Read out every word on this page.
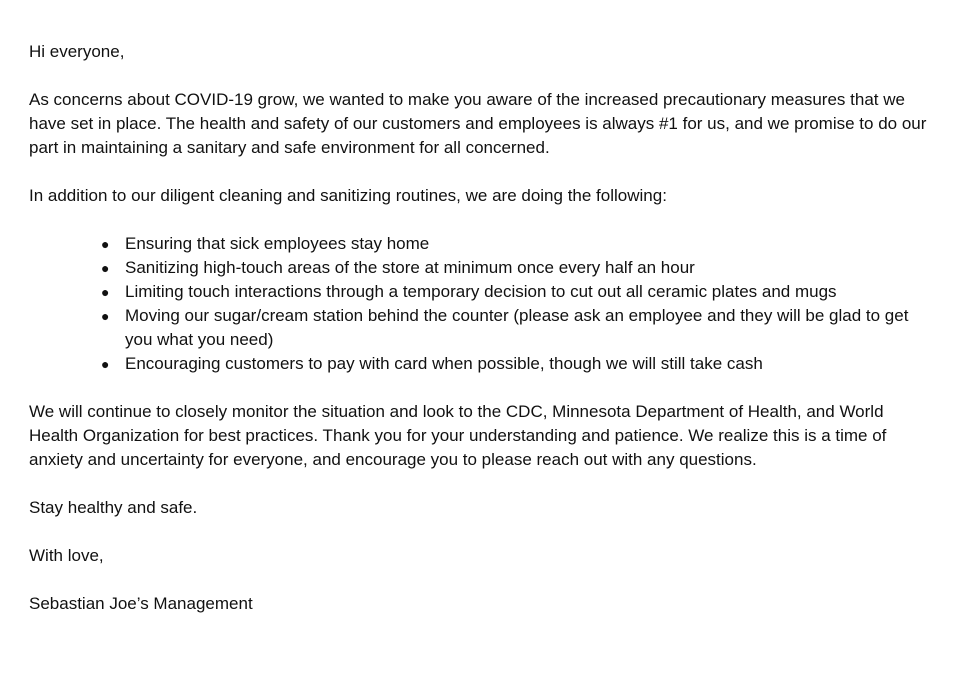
Hi everyone,

As concerns about COVID-19 grow, we wanted to make you aware of the increased precautionary measures that we have set in place. The health and safety of our customers and employees is always #1 for us, and we promise to do our part in maintaining a sanitary and safe environment for all concerned.

In addition to our diligent cleaning and sanitizing routines, we are doing the following:

● Ensuring that sick employees stay home
● Sanitizing high-touch areas of the store at minimum once every half an hour
● Limiting touch interactions through a temporary decision to cut out all ceramic plates and mugs
● Moving our sugar/cream station behind the counter (please ask an employee and they will be glad to get you what you need)
● Encouraging customers to pay with card when possible, though we will still take cash

We will continue to closely monitor the situation and look to the CDC, Minnesota Department of Health, and World Health Organization for best practices. Thank you for your understanding and patience. We realize this is a time of anxiety and uncertainty for everyone, and encourage you to please reach out with any questions.

Stay healthy and safe.

With love,

Sebastian Joe’s Management
